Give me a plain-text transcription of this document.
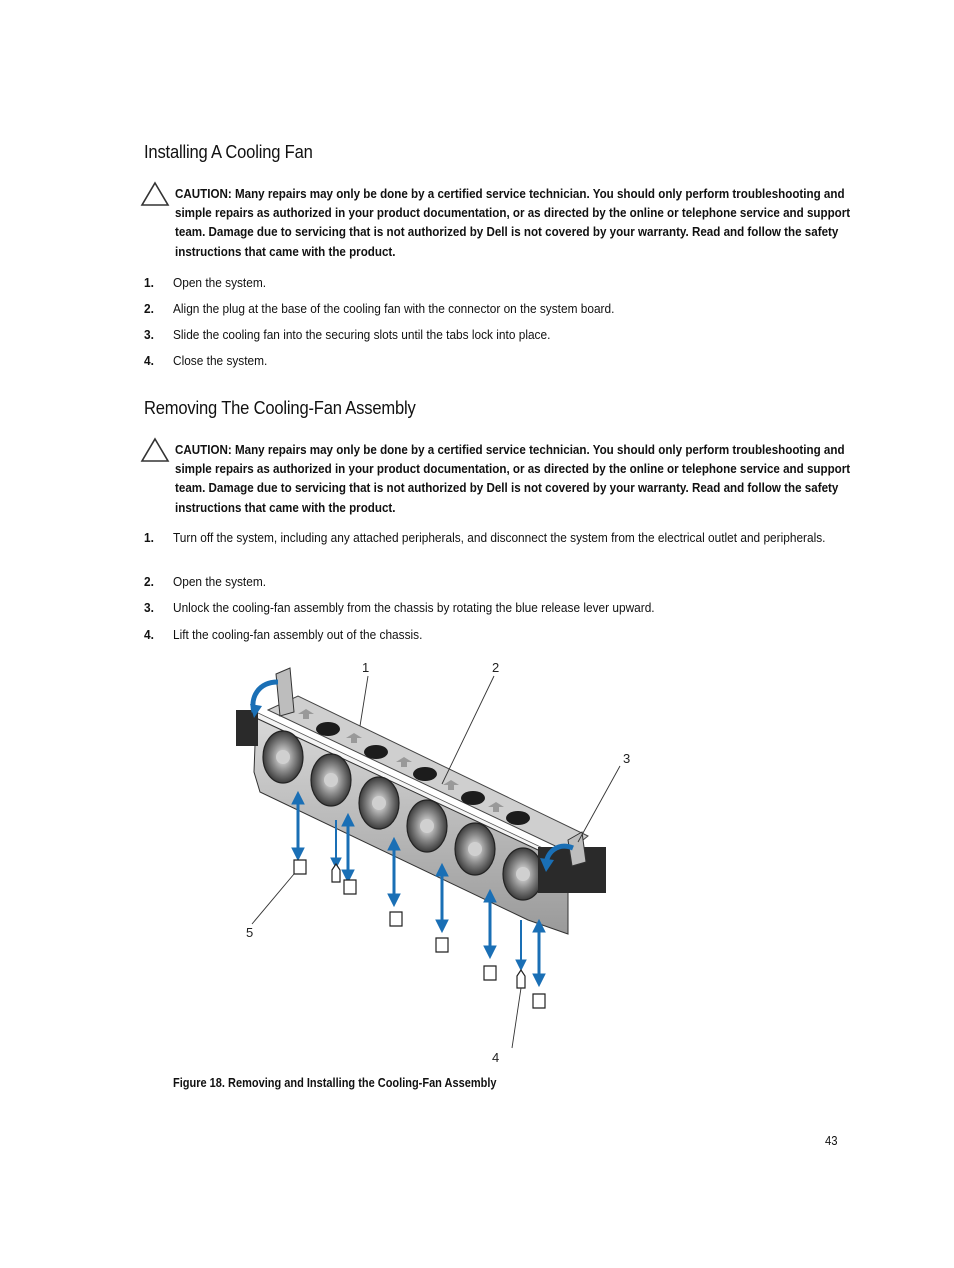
Installing A Cooling Fan
CAUTION: Many repairs may only be done by a certified service technician. You should only perform troubleshooting and simple repairs as authorized in your product documentation, or as directed by the online or telephone service and support team. Damage due to servicing that is not authorized by Dell is not covered by your warranty. Read and follow the safety instructions that came with the product.
1. Open the system.
2. Align the plug at the base of the cooling fan with the connector on the system board.
3. Slide the cooling fan into the securing slots until the tabs lock into place.
4. Close the system.
Removing The Cooling-Fan Assembly
CAUTION: Many repairs may only be done by a certified service technician. You should only perform troubleshooting and simple repairs as authorized in your product documentation, or as directed by the online or telephone service and support team. Damage due to servicing that is not authorized by Dell is not covered by your warranty. Read and follow the safety instructions that came with the product.
1. Turn off the system, including any attached peripherals, and disconnect the system from the electrical outlet and peripherals.
2. Open the system.
3. Unlock the cooling-fan assembly from the chassis by rotating the blue release lever upward.
4. Lift the cooling-fan assembly out of the chassis.
1	2
3
4
5
Figure 18. Removing and Installing the Cooling-Fan Assembly
43
